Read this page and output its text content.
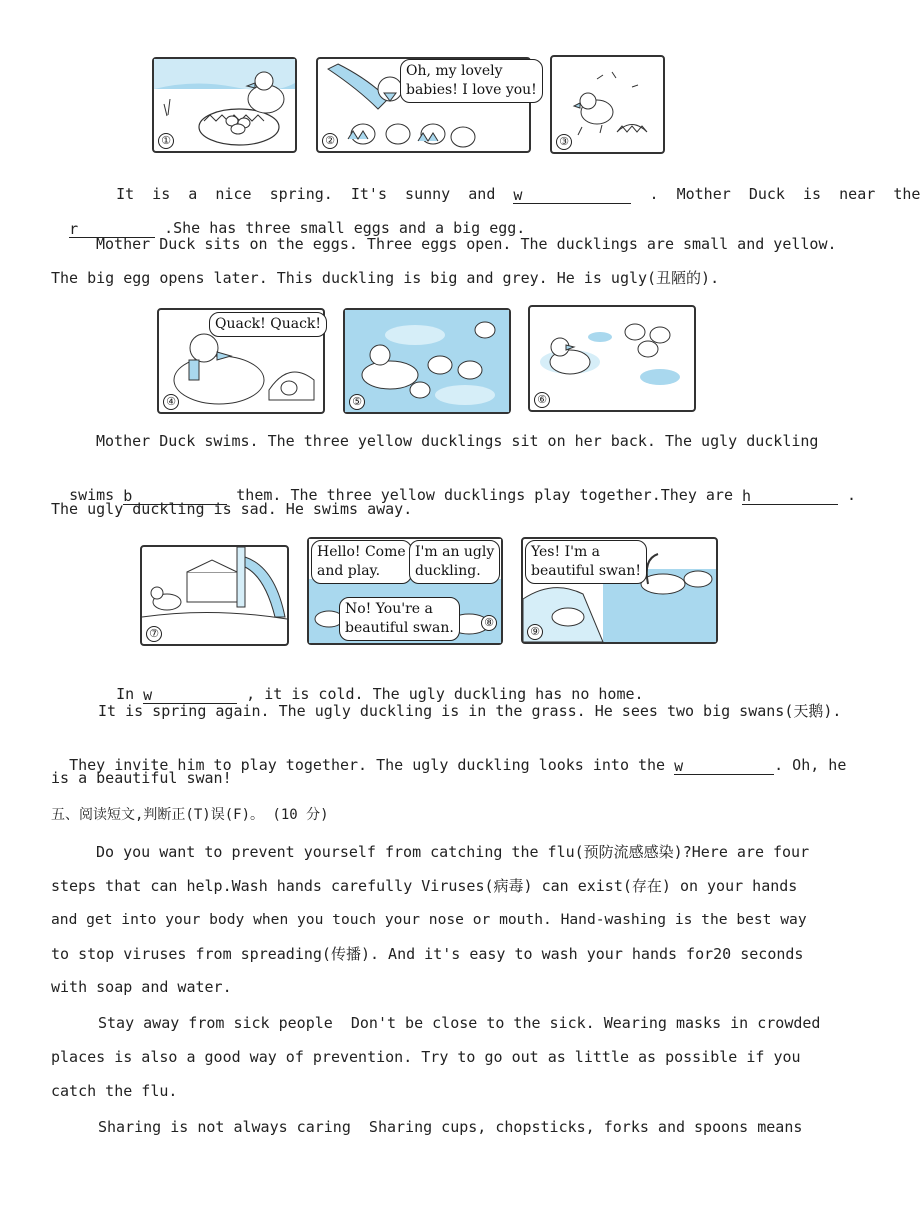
①
Oh, my lovely
babies! I love you!
②	③

It  is  a  nice  spring.  It's  sunny  and  w	.  Mother  Duck  is  near  the

r	.She has three small eggs and a big egg.

Mother Duck sits on the eggs. Three eggs open. The ducklings are small and yellow.
The big egg opens later. This duckling is big and grey. He is ugly(丑陋的).
Quack! Quack!
④	⑤	⑥
Mother Duck swims. The three yellow ducklings sit on her back. The ugly duckling

swims b	them. The three yellow ducklings play together.They are h	.

The ugly duckling is sad. He swims away.
⑦
Hello! Come
and play.
I'm an ugly
duckling.
No! You're a
beautiful swan.	⑧
Yes! I'm a
beautiful swan!
⑨

In w	, it is cold. The ugly duckling has no home.

It is spring again. The ugly duckling is in the grass. He sees two big swans(天鹅).

They invite him to play together. The ugly duckling looks into the w	. Oh, he

is a beautiful swan!
五、阅读短文,判断正(T)误(F)。 (10 分)
Do you want to prevent yourself from catching the flu(预防流感感染)?Here are four
steps that can help.Wash hands carefully Viruses(病毒) can exist(存在) on your hands
and get into your body when you touch your nose or mouth. Hand-washing is the best way
to stop viruses from spreading(传播). And it's easy to wash your hands for20 seconds
with soap and water.
Stay away from sick people  Don't be close to the sick. Wearing masks in crowded
places is also a good way of prevention. Try to go out as little as possible if you
catch the flu.
Sharing is not always caring  Sharing cups, chopsticks, forks and spoons means
